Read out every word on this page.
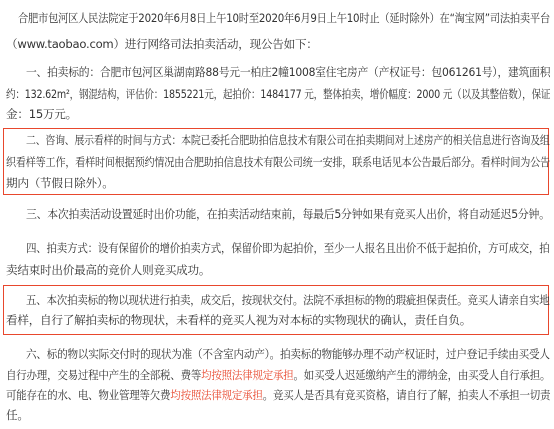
合肥市包河区人民法院定于2020年6月8日上午10时至2020年6月9日上午10时止（延时除外）在“淘宝网”司法拍卖平台
（www.taobao.com）进行网络司法拍卖活动，现公告如下：
一、拍卖标的：合肥市包河区巢湖南路88号元一柏庄2幢1008室住宅房产（产权证号：包061261号），建筑面积
约：132.62m²，钢混结构，评估价：1855221元，起拍价：1484177 元，整体拍卖，增价幅度：2000 元（以及其整倍数），保证
金：15万元。
二、咨询、展示看样的时间与方式：本院已委托合肥助拍信息技术有限公司在拍卖期间对上述房产的相关信息进行咨询及组
织看样等工作，看样时间根据预约情况由合肥助拍信息技术有限公司统一安排，联系电话见本公告最后部分。看样时间为公告
期内（节假日除外）。
三、本次拍卖活动设置延时出价功能，在拍卖活动结束前，每最后5分钟如果有竞买人出价，将自动延迟5分钟。
四、拍卖方式：设有保留价的增价拍卖方式，保留价即为起拍价，至少一人报名且出价不低于起拍价，方可成交，拍
卖结束时出价最高的竞价人则竞买成功。
五、本次拍卖标的物以现状进行拍卖，成交后，按现状交付。法院不承担标的物的瑕疵担保责任。竞买人请亲自实地
看样，自行了解拍卖标的物现状，未看样的竞买人视为对本标的实物现状的确认，责任自负。
六、标的物以实际交付时的现状为准（不含室内动产）。拍卖标的物能够办理不动产权证时，过户登记手续由买受人
自行办理，交易过程中产生的全部税、费等均按照法律规定承担。如买受人迟延缴纳产生的滞纳金，由买受人自行承担。
可能存在的水、电、物业管理等欠费均按照法律规定承担。竞买人是否具有竞买资格，请自行了解，拍卖人不承担一切责
任。
